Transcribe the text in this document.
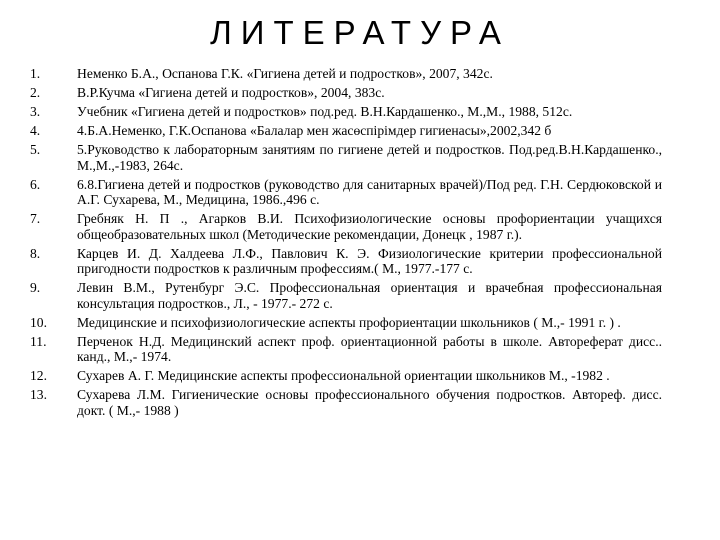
ЛИТЕРАТУРА
1.	Неменко Б.А., Оспанова Г.К. «Гигиена детей и подростков», 2007, 342с.
2.	В.Р.Кучма «Гигиена детей и подростков», 2004, 383с.
3.	Учебник «Гигиена детей и подростков» под.ред. В.Н.Кардашенко., М.,М., 1988, 512с.
4.	4.Б.А.Неменко, Г.К.Оспанова «Балалар мен жасөспірімдер гигиенасы»,2002,342 б
5.	5.Руководство к лабораторным занятиям по гигиене детей и подростков. Под.ред.В.Н.Кардашенко., М.,М.,-1983, 264с.
6.	6.8.Гигиена детей и подростков (руководство для санитарных врачей)/Под ред. Г.Н. Сердюковской и А.Г. Сухарева, М., Медицина, 1986.,496 с.
7.	Гребняк Н. П ., Агарков В.И. Психофизиологические основы профориентации учащихся общеобразовательных школ (Методические рекомендации, Донецк , 1987 г.).
8.	Карцев И. Д. Халдеева Л.Ф., Павлович К. Э. Физиологические критерии профессиональной пригодности подростков к различным профессиям.( М., 1977.-177 с.
9.	Левин В.М., Рутенбург Э.С. Профессиональная ориентация и врачебная профессиональная консультация подростков., Л., - 1977.- 272 с.
10.	Медицинские и психофизиологические аспекты профориентации школьников ( М.,- 1991 г. ) .
11.	Перченок Н.Д. Медицинский аспект проф. ориентационной работы в школе. Автореферат дисс.. канд., М.,- 1974.
12.	Сухарев А. Г. Медицинские аспекты профессиональной ориентации школьников М., -1982 .
13.	Сухарева Л.М. Гигиенические основы профессионального обучения подростков. Автореф. дисс. докт. ( М.,- 1988 )
